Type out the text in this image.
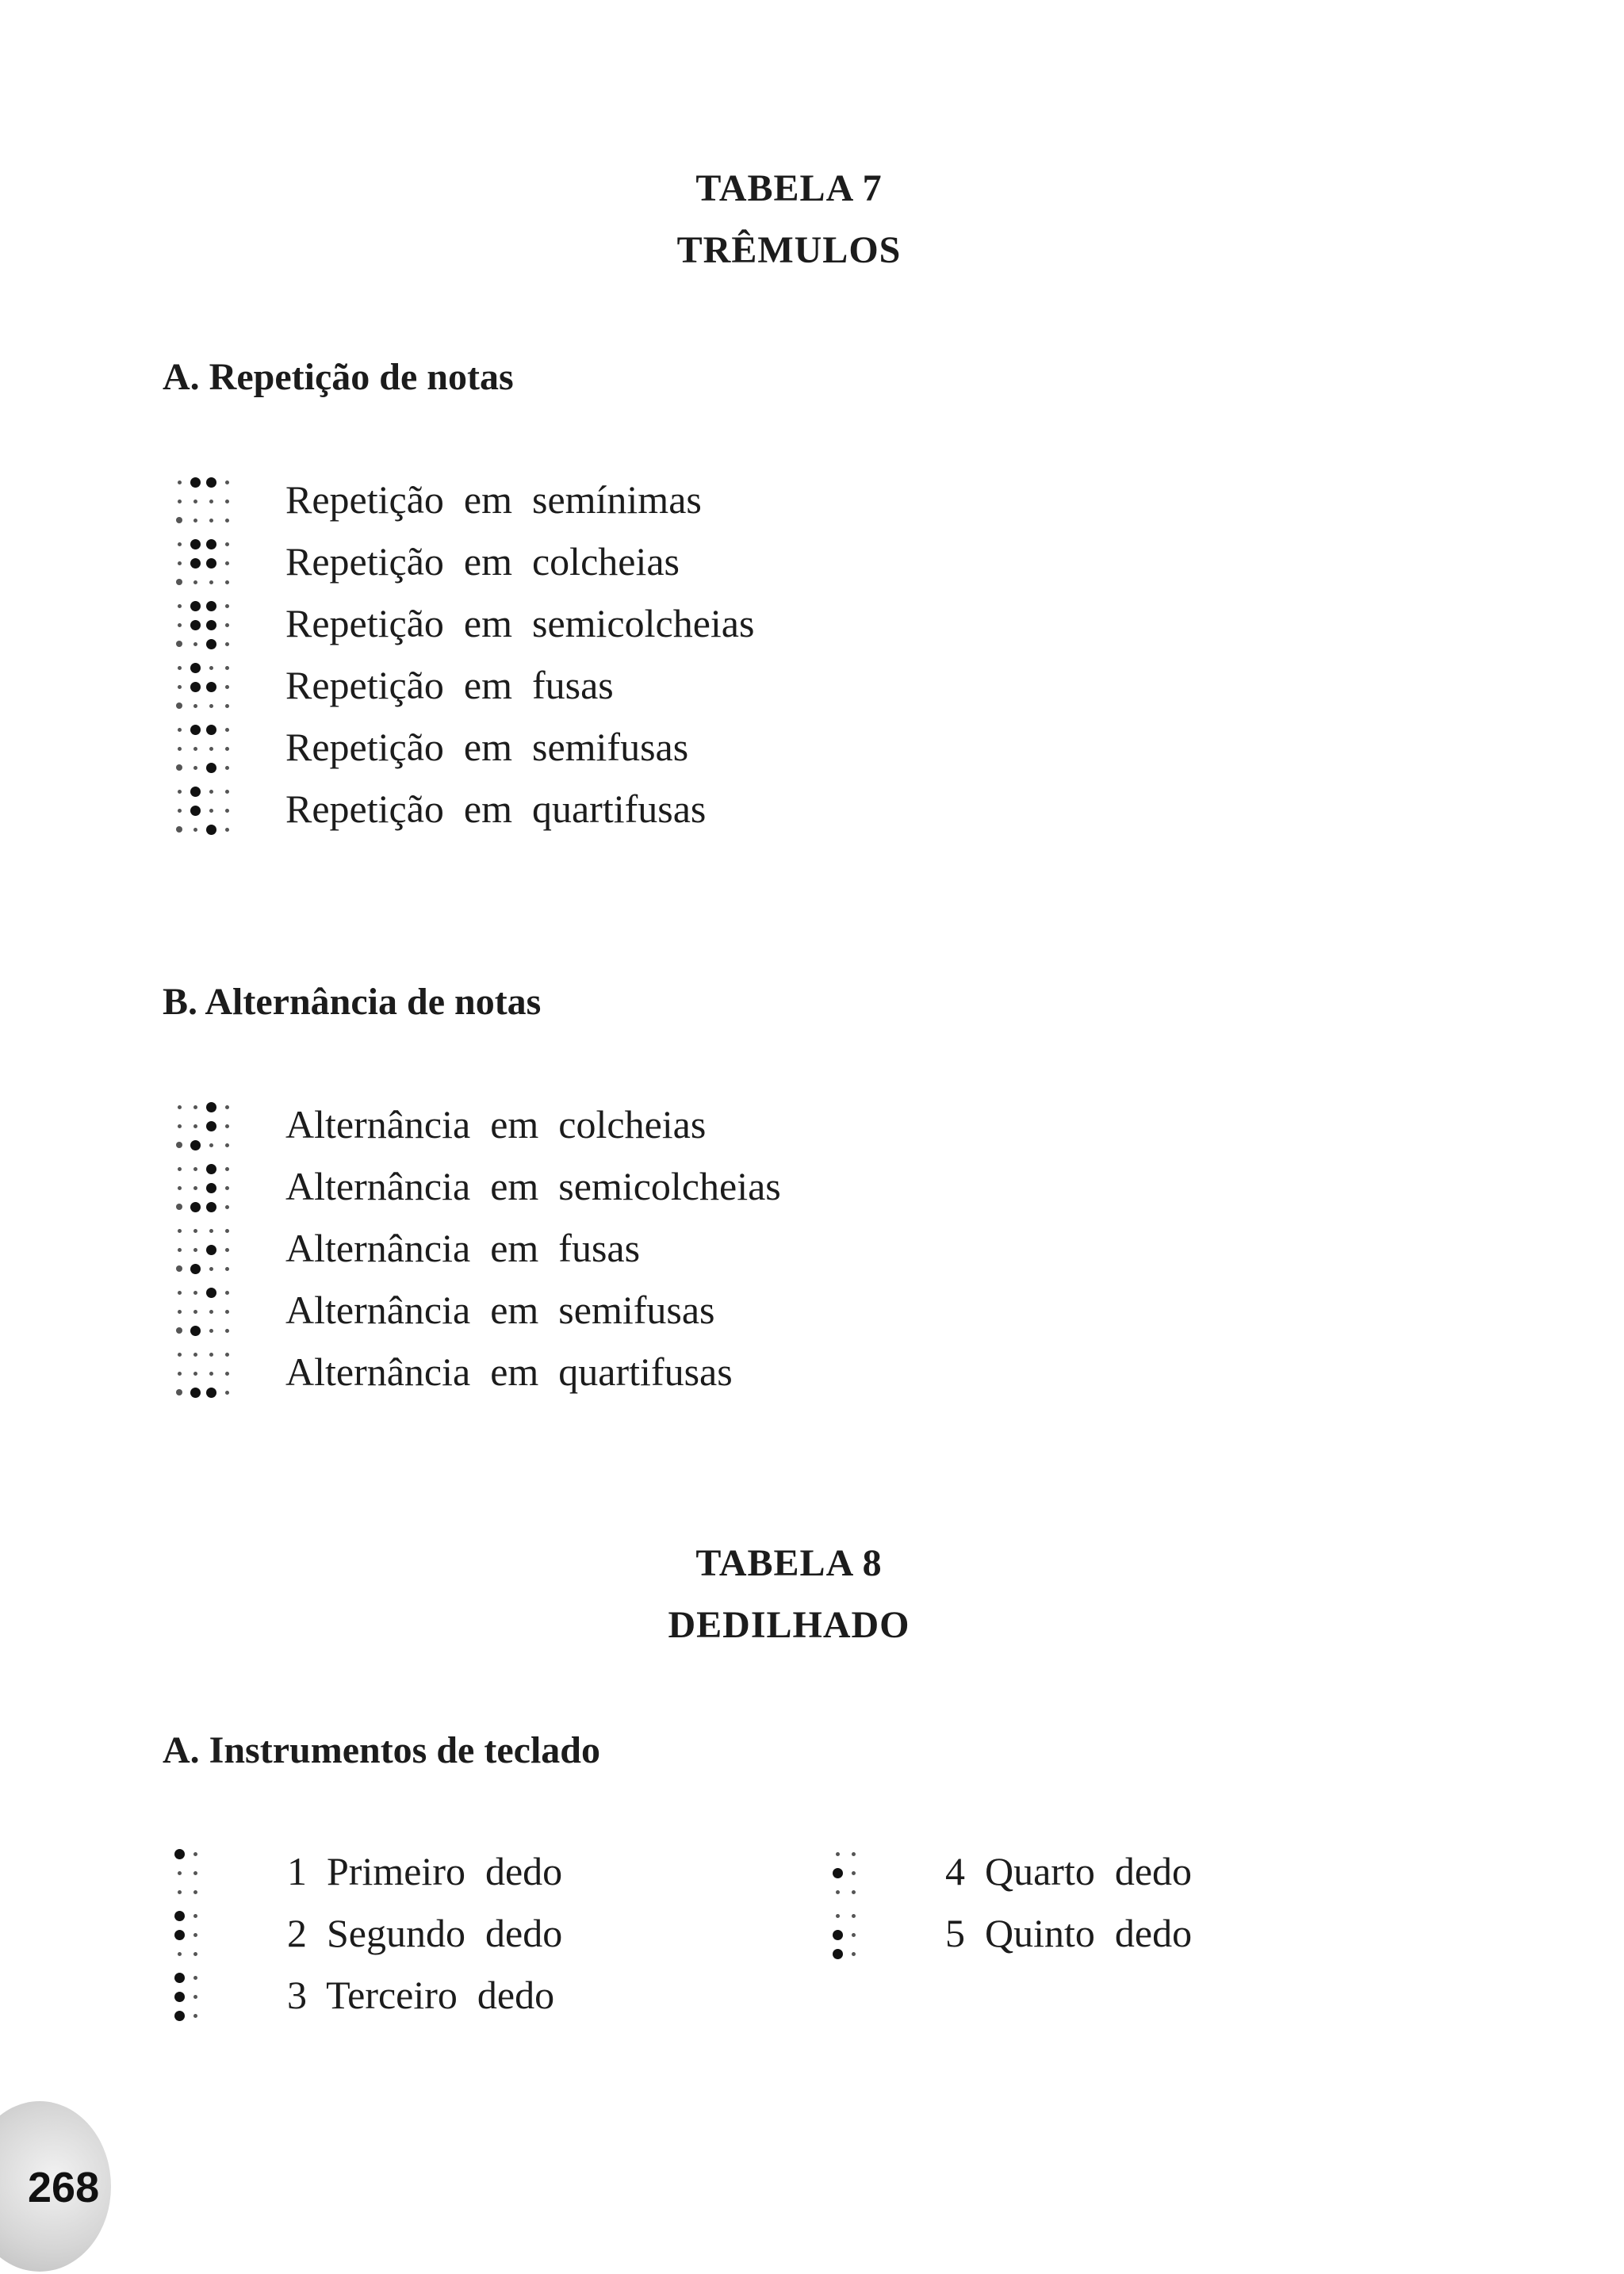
TABELA 7
TRÊMULOS
A. Repetição de notas
Repetição  em  semínimas
Repetição  em  colcheias
Repetição  em  semicolcheias
Repetição  em  fusas
Repetição  em  semifusas
Repetição  em  quartifusas
B. Alternância de notas
Alternância  em  colcheias
Alternância  em  semicolcheias
Alternância  em  fusas
Alternância  em  semifusas
Alternância  em  quartifusas
TABELA 8
DEDILHADO
A. Instrumentos de teclado
1  Primeiro  dedo
2  Segundo  dedo
3  Terceiro  dedo
4  Quarto  dedo
5  Quinto  dedo
268
